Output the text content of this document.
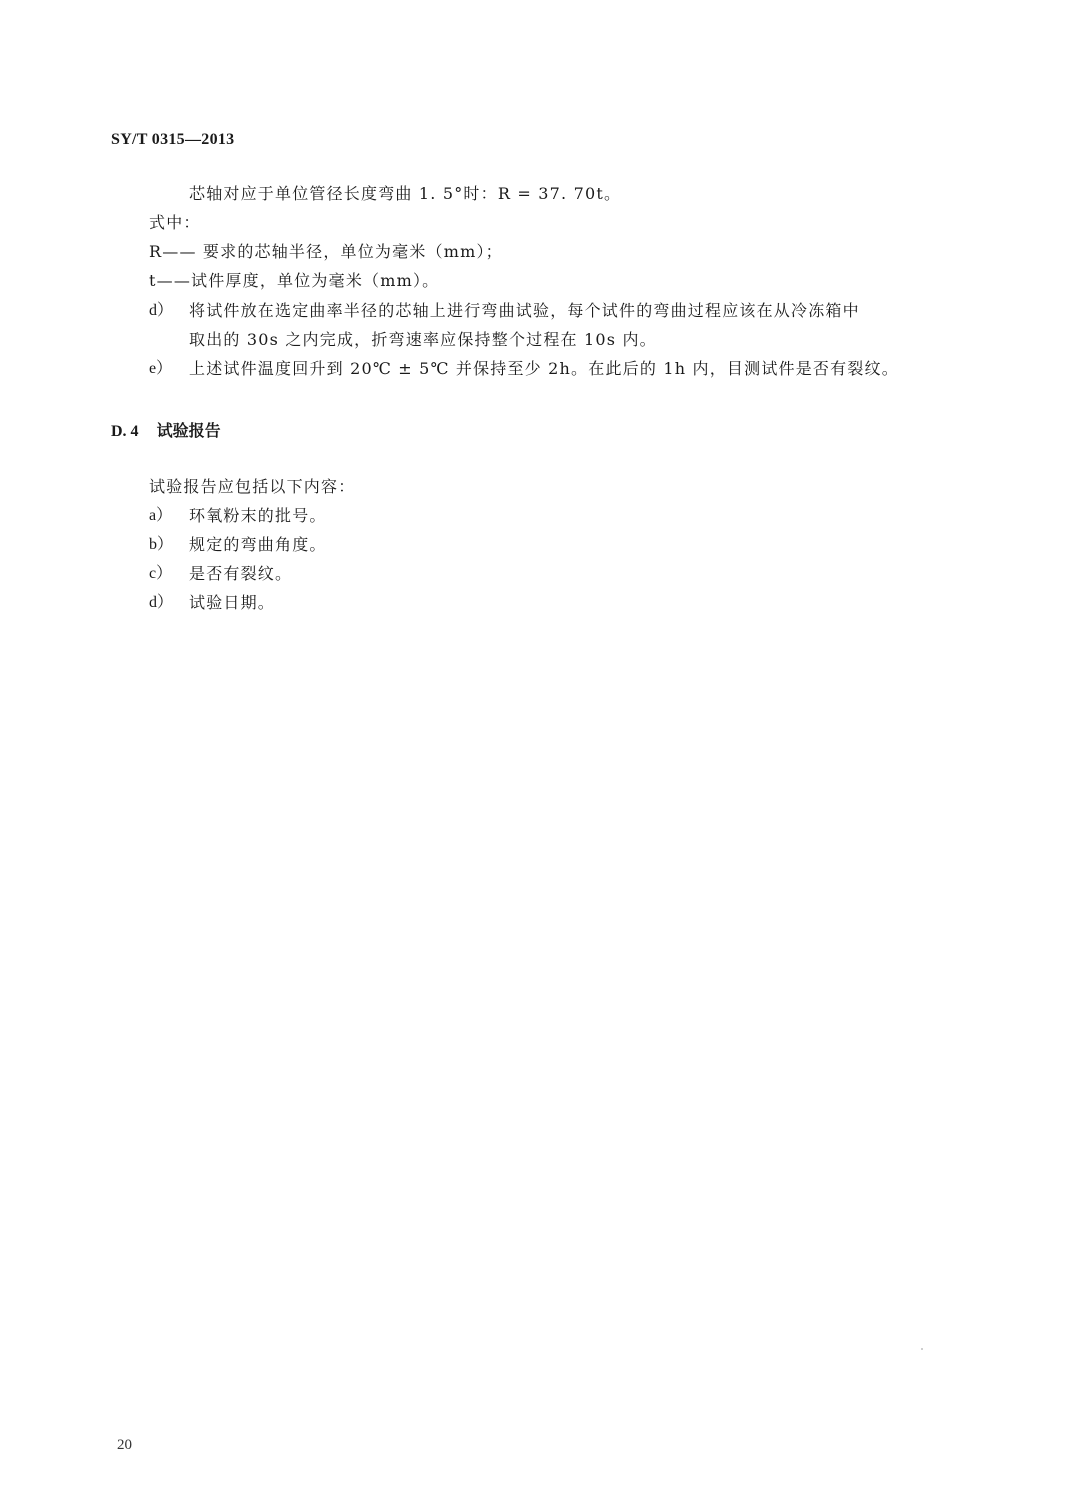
SY/T 0315—2013
芯轴对应于单位管径长度弯曲 1. 5°时：R = 37. 70t。
式中：
R—— 要求的芯轴半径，单位为毫米（mm）；
t——试件厚度，单位为毫米（mm）。
d） 将试件放在选定曲率半径的芯轴上进行弯曲试验，每个试件的弯曲过程应该在从冷冻箱中
取出的 30s 之内完成，折弯速率应保持整个过程在 10s 内。
e） 上述试件温度回升到 20℃ ± 5℃ 并保持至少 2h。在此后的 1h 内，目测试件是否有裂纹。
D. 4 试验报告
试验报告应包括以下内容：
a） 环氧粉末的批号。
b） 规定的弯曲角度。
c） 是否有裂纹。
d） 试验日期。
20
